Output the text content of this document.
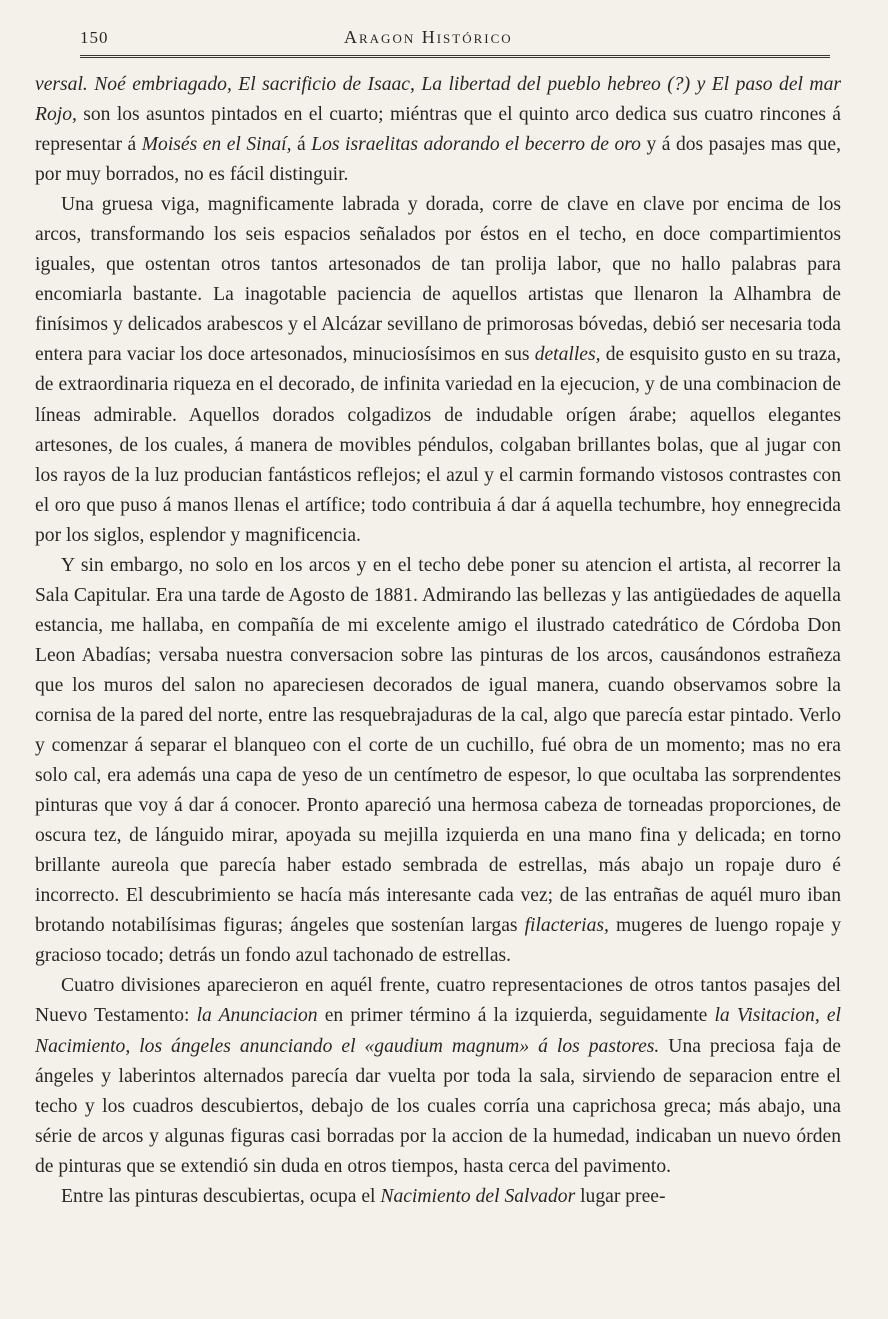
150	Aragon Histórico

versal. Noé embriagado, El sacrificio de Isaac, La libertad del pueblo hebreo (?) y El paso del mar Rojo, son los asuntos pintados en el cuarto; miéntras que el quinto arco dedica sus cuatro rincones á representar á Moisés en el Sinaí, á Los israelitas adorando el becerro de oro y á dos pasajes mas que, por muy borrados, no es fácil distinguir.

Una gruesa viga, magnificamente labrada y dorada, corre de clave en clave por encima de los arcos, transformando los seis espacios señalados por éstos en el techo, en doce compartimientos iguales, que ostentan otros tantos artesonados de tan prolija labor, que no hallo palabras para encomiarla bastante. La inagotable paciencia de aquellos artistas que llenaron la Alhambra de finísimos y delicados arabescos y el Alcázar sevillano de primorosas bóvedas, debió ser necesaria toda entera para vaciar los doce artesonados, minuciosísimos en sus detalles, de esquisito gusto en su traza, de extraordinaria riqueza en el decorado, de infinita variedad en la ejecucion, y de una combinacion de líneas admirable. Aquellos dorados colgadizos de indudable orígen árabe; aquellos elegantes artesones, de los cuales, á manera de movibles péndulos, colgaban brillantes bolas, que al jugar con los rayos de la luz producian fantásticos reflejos; el azul y el carmin formando vistosos contrastes con el oro que puso á manos llenas el artífice; todo contribuia á dar á aquella techumbre, hoy ennegrecida por los siglos, esplendor y magnificencia.

Y sin embargo, no solo en los arcos y en el techo debe poner su atencion el artista, al recorrer la Sala Capitular. Era una tarde de Agosto de 1881. Admirando las bellezas y las antigüedades de aquella estancia, me hallaba, en compañía de mi excelente amigo el ilustrado catedrático de Córdoba Don Leon Abadías; versaba nuestra conversacion sobre las pinturas de los arcos, causándonos estrañeza que los muros del salon no apareciesen decorados de igual manera, cuando observamos sobre la cornisa de la pared del norte, entre las resquebrajaduras de la cal, algo que parecía estar pintado. Verlo y comenzar á separar el blanqueo con el corte de un cuchillo, fué obra de un momento; mas no era solo cal, era además una capa de yeso de un centímetro de espesor, lo que ocultaba las sorprendentes pinturas que voy á dar á conocer. Pronto apareció una hermosa cabeza de torneadas proporciones, de oscura tez, de lánguido mirar, apoyada su mejilla izquierda en una mano fina y delicada; en torno brillante aureola que parecía haber estado sembrada de estrellas, más abajo un ropaje duro é incorrecto. El descubrimiento se hacía más interesante cada vez; de las entrañas de aquél muro iban brotando notabilísimas figuras; ángeles que sostenían largas filacterias, mugeres de luengo ropaje y gracioso tocado; detrás un fondo azul tachonado de estrellas.

Cuatro divisiones aparecieron en aquél frente, cuatro representaciones de otros tantos pasajes del Nuevo Testamento: la Anunciacion en primer término á la izquierda, seguidamente la Visitacion, el Nacimiento, los ángeles anunciando el «gaudium magnum» á los pastores. Una preciosa faja de ángeles y laberintos alternados parecía dar vuelta por toda la sala, sirviendo de separacion entre el techo y los cuadros descubiertos, debajo de los cuales corría una caprichosa greca; más abajo, una série de arcos y algunas figuras casi borradas por la accion de la humedad, indicaban un nuevo órden de pinturas que se extendió sin duda en otros tiempos, hasta cerca del pavimento.

Entre las pinturas descubiertas, ocupa el Nacimiento del Salvador lugar pree-
